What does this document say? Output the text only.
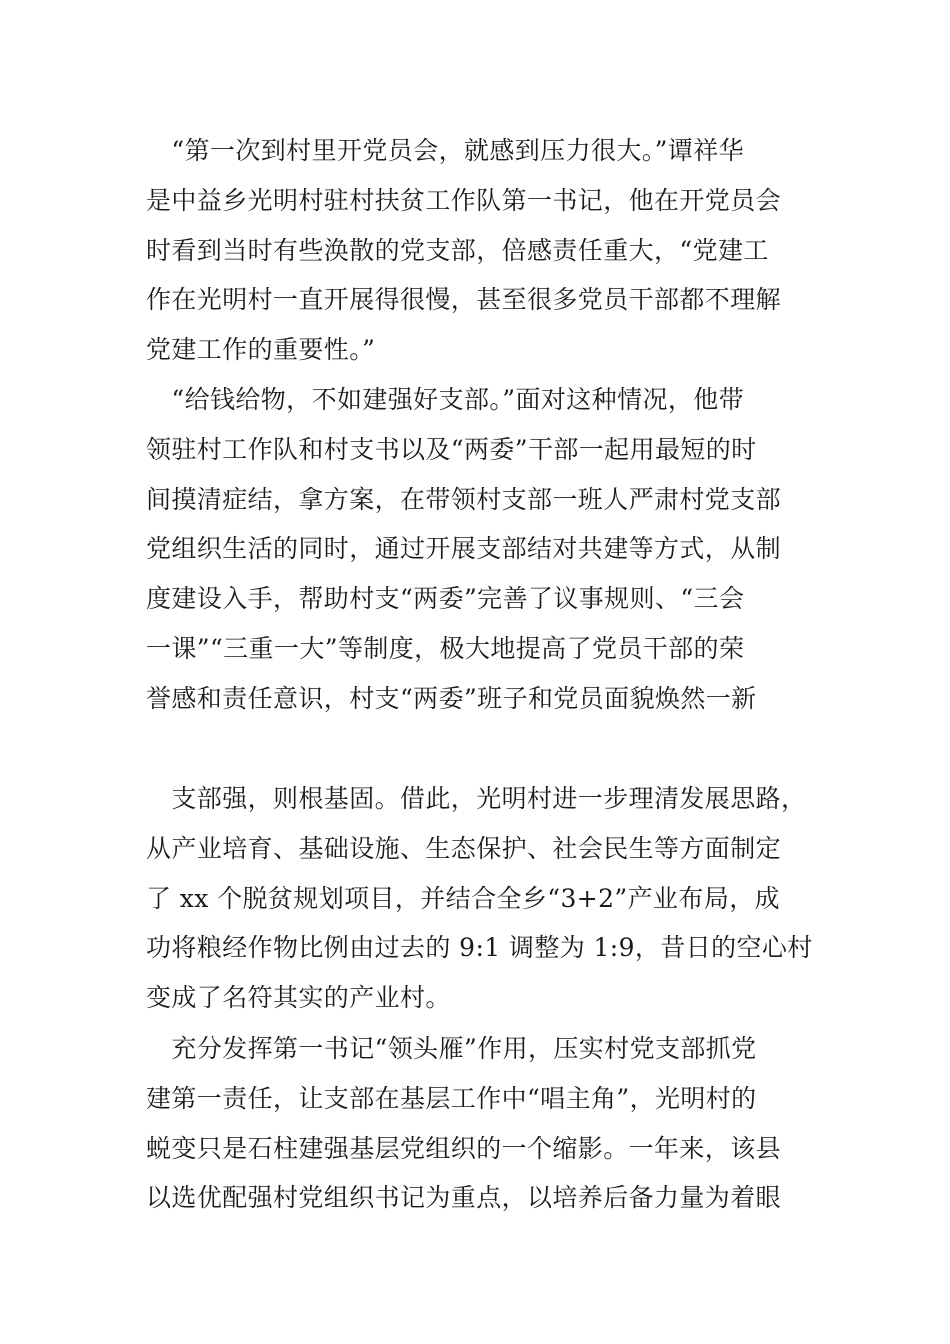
　“第一次到村里开党员会，就感到压力很大。”谭祥华
是中益乡光明村驻村扶贫工作队第一书记，他在开党员会
时看到当时有些涣散的党支部，倍感责任重大，“党建工
作在光明村一直开展得很慢，甚至很多党员干部都不理解
党建工作的重要性。”
　“给钱给物，不如建强好支部。”面对这种情况，他带
领驻村工作队和村支书以及“两委”干部一起用最短的时
间摸清症结，拿方案，在带领村支部一班人严肃村党支部
党组织生活的同时，通过开展支部结对共建等方式，从制
度建设入手，帮助村支“两委”完善了议事规则、“三会
一课”“三重一大”等制度，极大地提高了党员干部的荣
誉感和责任意识，村支“两委”班子和党员面貌焕然一新
　支部强，则根基固。借此，光明村进一步理清发展思路，
从产业培育、基础设施、生态保护、社会民生等方面制定
了 xx 个脱贫规划项目，并结合全乡“3+2”产业布局，成
功将粮经作物比例由过去的 9:1 调整为 1:9，昔日的空心村
变成了名符其实的产业村。
　充分发挥第一书记“领头雁”作用，压实村党支部抓党
建第一责任，让支部在基层工作中“唱主角”，光明村的
蜕变只是石柱建强基层党组织的一个缩影。一年来，该县
以选优配强村党组织书记为重点，以培养后备力量为着眼
